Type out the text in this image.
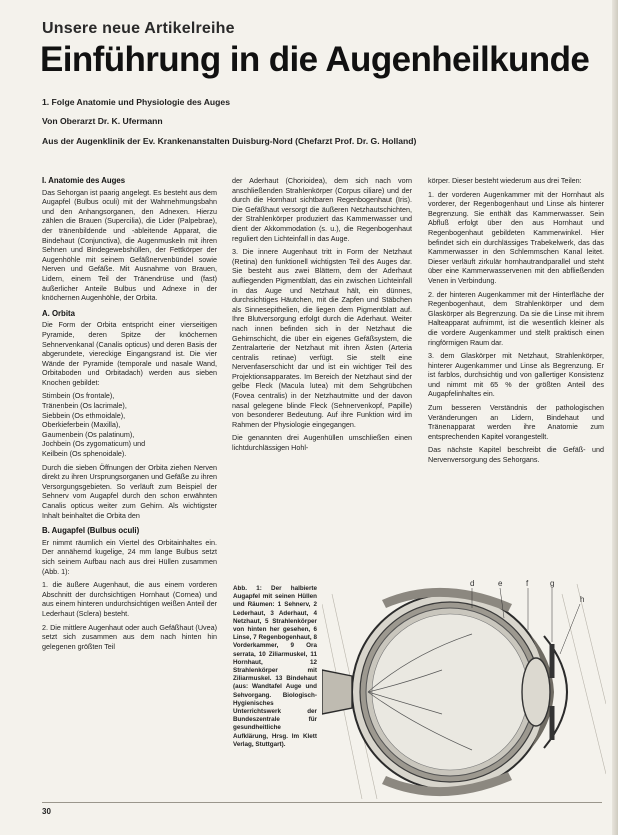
Unsere neue Artikelreihe
Einführung in die Augenheilkunde
1. Folge Anatomie und Physiologie des Auges
Von Oberarzt Dr. K. Ufermann
Aus der Augenklinik der Ev. Krankenanstalten Duisburg-Nord (Chefarzt Prof. Dr. G. Holland)
I. Anatomie des Auges

Das Sehorgan ist paarig angelegt. Es besteht aus dem Augapfel (Bulbus oculi) mit der Wahrnehmungsbahn und den Anhangsorganen, den Adnexen. Hierzu zählen die Brauen (Supercilia), die Lider (Palpebrae), der tränenbildende und -ableitende Apparat, die Bindehaut (Conjunctiva), die Augenmuskeln mit ihren Sehnen und Bindegewebshüllen, der Fettkörper der Augenhöhle mit seinem Gefäßnervenbündel sowie Nerven und Gefäße. Mit Ausnahme von Brauen, Lidern, einem Teil der Tränendrüse und (fast) äußerlicher Anteile Bulbus und Adnexe in der knöchernen Augenhöhle, der Orbita.

A. Orbita

Die Form der Orbita entspricht einer vierseitigen Pyramide, deren Spitze der knöchernen Sehnervenkanal (Canalis opticus) und deren Basis der abgerundete, viereckige Eingangsrand ist. Die vier Wände der Pyramide (temporale und nasale Wand, Orbitaboden und Orbitadach) werden aus sieben Knochen gebildet:

Stirnbein (Os frontale),
Tränenbein (Os lacrimale),
Siebbein (Os ethmoidale),
Oberkieferbein (Maxilla),
Gaumenbein (Os palatinum),
Jochbein (Os zygomaticum) und
Keilbein (Os sphenoidale).

Durch die sieben Öffnungen der Orbita ziehen Nerven direkt zu ihren Ursprungsorganen und Gefäße zu ihren Versorgungsgebieten. So verläuft zum Beispiel der Sehnerv vom Augapfel durch den schon erwähnten Canalis opticus weiter zum Gehirn. Als wichtigster Inhalt beinhaltet die Orbita den

B. Augapfel (Bulbus oculi)

Er nimmt räumlich ein Viertel des Orbitainhaltes ein. Der annähernd kugelige, 24 mm lange Bulbus setzt sich seinem Aufbau nach aus drei Hüllen zusammen (Abb. 1):

1. die äußere Augenhaut, die aus einem vorderen Abschnitt der durchsichtigen Hornhaut (Cornea) und aus einem hinteren undurchsichtigen weißen Anteil der Lederhaut (Sclera) besteht.

2. Die mittlere Augenhaut oder auch Gefäßhaut (Uvea) setzt sich zusammen aus dem nach hinten hin gelegenen größten Teil

der Aderhaut (Chorioidea), dem sich nach vorn anschließenden Strahlenkörper (Corpus ciliare) und der durch die Hornhaut sichtbaren Regenbogenhaut (Iris). Die Gefäßhaut versorgt die äußeren Netzhautschichten, der Strahlenkörper produziert das Kammerwasser und dient der Akkommodation (s. u.), die Regenbogenhaut reguliert den Lichteinfall in das Auge.

3. Die innere Augenhaut tritt in Form der Netzhaut (Retina) den funktionell wichtigsten Teil des Auges dar. Sie besteht aus zwei Blättern, dem der Aderhaut aufliegenden Pigmentblatt, das ein zwischen Lichteinfall in das Auge und Netzhaut hält, ein dünnes, durchsichtiges Häutchen, mit die Zapfen und Stäbchen als Sinnesepithelien, die liegen dem Pigmentblatt auf. Ihre Blutversorgung erfolgt durch die Aderhaut. Weiter nach innen befinden sich in der Netzhaut die Gehirnschicht, die über ein eigenes Gefäßsystem, die Zentralarterie der Netzhaut mit ihren Ästen (Arteria centralis retinae) verfügt. Sie stellt eine Nervenfaserschicht dar und ist ein wichtiger Teil des Projektionsapparates. Im Bereich der Netzhaut sind der gelbe Fleck (Macula lutea) mit dem Sehgrübchen (Fovea centralis) in der Netzhautmitte und der davon nasal gelegene blinde Fleck (Sehnervenkopf, Papille) von besonderer Bedeutung. Auf ihre Funktion wird im Rahmen der Physiologie eingegangen.

Die genannten drei Augenhüllen umschließen einen lichtdurchlässigen Hohl-

körper. Dieser besteht wiederum aus drei Teilen:

1. der vorderen Augenkammer mit der Hornhaut als vorderer, der Regenbogenhaut und Linse als hinterer Begrenzung. Sie enthält das Kammerwasser. Sein Abfluß erfolgt über den aus Hornhaut und Regenbogenhaut gebildeten Kammerwinkel. Hier befindet sich ein durchlässiges Trabekelwerk, das das Kammerwasser in den Schlemmschen Kanal leitet. Dieser verläuft zirkulär hornhautrandparallel und steht über eine Kammerwasservenen mit den abfließenden Venen in Verbindung.

2. der hinteren Augenkammer mit der Hinterfläche der Regenbogenhaut, dem Strahlenkörper und dem Glaskörper als Begrenzung. Da sie die Linse mit ihrem Halteapparat aufnimmt, ist die wesentlich kleiner als die vordere Augenkammer und stellt praktisch einen ringförmigen Raum dar.

3. dem Glaskörper mit Netzhaut, Strahlenkörper, hinterer Augenkammer und Linse als Begrenzung. Er ist farblos, durchsichtig und von gallertiger Konsistenz und nimmt mit 65 % der größten Anteil des Augapfelinhaltes ein.

Zum besseren Verständnis der pathologischen Veränderungen an Lidern, Bindehaut und Tränenapparat werden ihre Anatomie zum entsprechenden Kapitel vorangestellt.

Das nächste Kapitel beschreibt die Gefäß- und Nervenversorgung des Sehorgans.

Abb. 1: Der halbierte Augapfel mit seinen Hüllen und Räumen: 1 Sehnerv, 2 Lederhaut, 3 Aderhaut, 4 Netzhaut, 5 Strahlenkörper von hinten her gesehen, 6 Linse, 7 Regenbogenhaut, 8 Vorderkammer, 9 Ora serrata, 10 Ziliarmuskel, 11 Hornhaut, 12 Strahlenkörper mit Ziliarmuskel. 13 Bindehaut (aus: Wandtafel Auge und Sehvorgang. Biologisch-Hygienisches Unterrichtswerk der Bundeszentrale für gesundheitliche Aufklärung, Hrsg. Im Klett Verlag, Stuttgart).
d	e	f	g
h
30
